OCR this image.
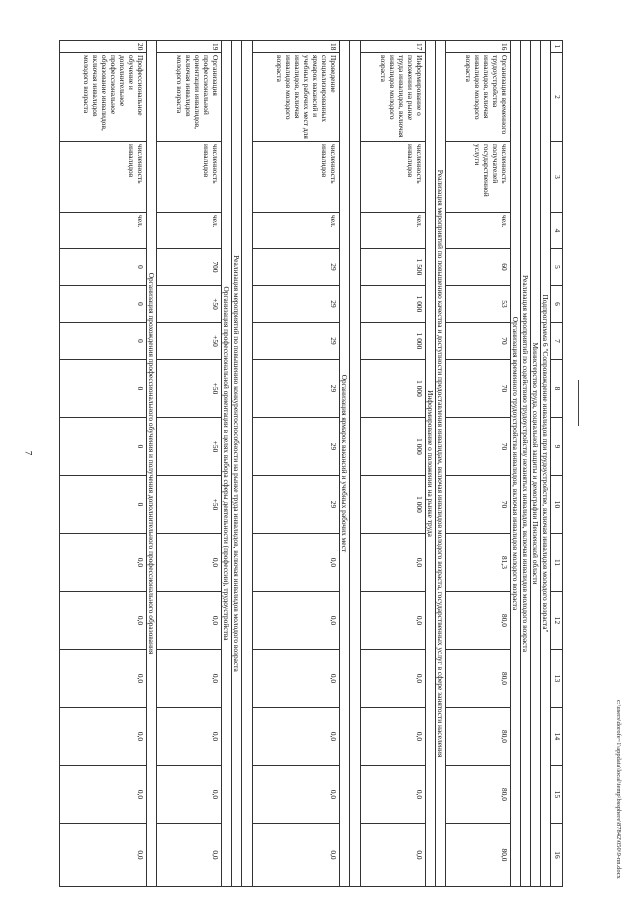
7
1	2	3	4	5	6	7	8	9	10	11	12	13	14	15	16
Подпрограмма 6 "Сопровождение инвалидов при трудоустройстве, включая инвалидов молодого возраста"															
Министерство труда, социальной защиты и демографии Пензенской области															
Реализация мероприятий по содействию трудоустройству незанятых инвалидов, включая инвалидов молодого возраста															
Организация временного трудоустройства инвалидов, включая инвалидов молодого возраста															
16	Организация временного трудоустройства инвалидов, включая инвалидов молодого возраста	численность получателей государственной услуги	чел.	60	53	70	70	70	70	81,3	80,0	80,0	80,0	80,0	80,0
Реализация мероприятий по повышению качества и доступности предоставления инвалидам, включая инвалидов молодого возраста, государственных услуг в сфере занятости населения															
Информирование о положении на рынке труда															
17	Информирование о положении на рынке труда инвалидов, включая инвалидов молодого возраста	численность инвалидов	чел.	1 500	1 000	1 000	1 000	1 000	1 000	0,0	0,0	0,0	0,0	0,0	0,0

Организация ярмарок вакансий и учебных рабочих мест															
18	Проведение специализированных ярмарок вакансий и учебных рабочих мест для инвалидов, включая инвалидов молодого возраста	численность инвалидов	чел.	29	29	29	29	29	29	0,0	0,0	0,0	0,0	0,0	0,0

Реализация мероприятий по повышению конкурентоспособности на рынке труда инвалидов, включая инвалидов молодого возраста															
Организация профессиональной ориентации в целях выбора сферы деятельности (профессии), трудоустройства															
19	Организация профессиональной ориентации инвалидов, включая инвалидов молодого возраста	численность инвалидов	чел.	700	+50	+50	+50	+50	+50	0,0	0,0	0,0	0,0	0,0	0,0
Организация прохождения профессионального обучения и получения дополнительного профессионального образования															
20	Профессиональное обучение и дополнительное профессиональное образование инвалидов, включая инвалидов молодого возраста	численность инвалидов	чел.	0	0	0	0	0	0	0,0	0,0	0,0	0,0	0,0	0,0	c:\users\dorofe~1\appdata\local\temp\bssphere\87842\050\9-nn.docx
